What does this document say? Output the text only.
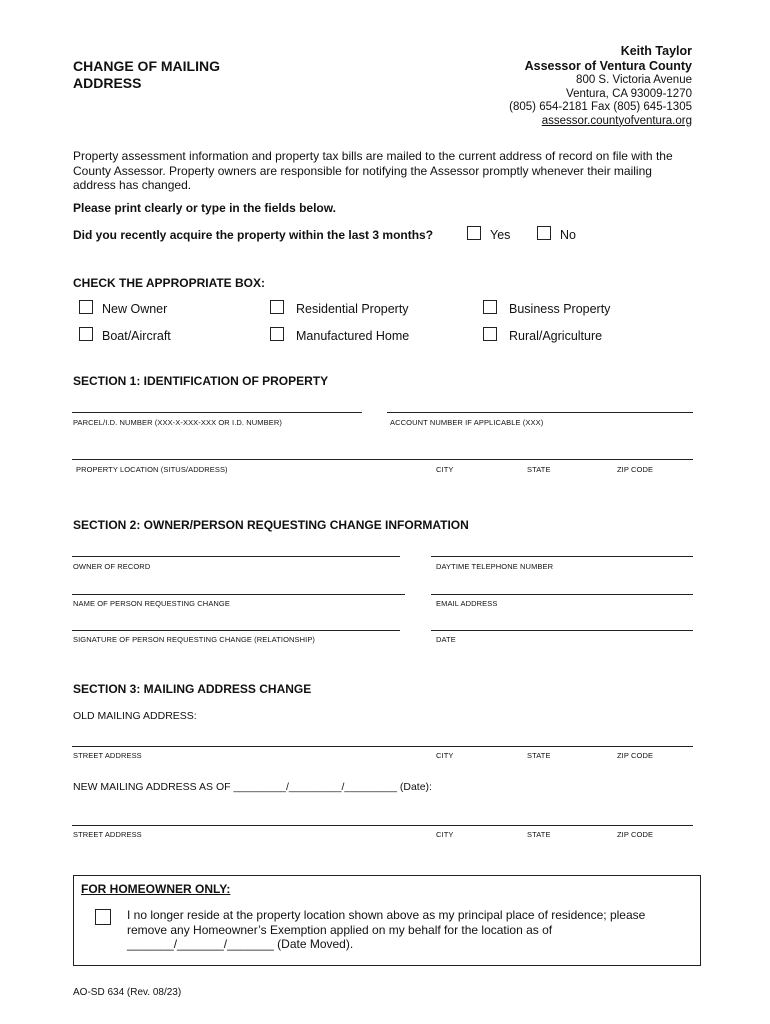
CHANGE OF MAILING ADDRESS
Keith Taylor
Assessor of Ventura County
800 S. Victoria Avenue
Ventura, CA 93009-1270
(805) 654-2181 Fax (805) 645-1305
assessor.countyofventura.org
Property assessment information and property tax bills are mailed to the current address of record on file with the County Assessor. Property owners are responsible for notifying the Assessor promptly whenever their mailing address has changed.
Please print clearly or type in the fields below.
Did you recently acquire the property within the last 3 months?	Yes	No
CHECK THE APPROPRIATE BOX:
New Owner	Residential Property	Business Property
Boat/Aircraft	Manufactured Home	Rural/Agriculture
SECTION 1: IDENTIFICATION OF PROPERTY
PARCEL/I.D. NUMBER (XXX-X-XXX-XXX OR I.D. NUMBER)	ACCOUNT NUMBER IF APPLICABLE (XXX)
PROPERTY LOCATION (SITUS/ADDRESS)	CITY	STATE	ZIP CODE
SECTION 2: OWNER/PERSON REQUESTING CHANGE INFORMATION
OWNER OF RECORD	DAYTIME TELEPHONE NUMBER
NAME OF PERSON REQUESTING CHANGE	EMAIL ADDRESS
SIGNATURE OF PERSON REQUESTING CHANGE (RELATIONSHIP)	DATE
SECTION 3: MAILING ADDRESS CHANGE
OLD MAILING ADDRESS:
STREET ADDRESS	CITY	STATE	ZIP CODE
NEW MAILING ADDRESS AS OF _________/_________/_________ (Date):
STREET ADDRESS	CITY	STATE	ZIP CODE
FOR HOMEOWNER ONLY:
I no longer reside at the property location shown above as my principal place of residence; please remove any Homeowner’s Exemption applied on my behalf for the location as of _______/_______/_______ (Date Moved).
AO-SD 634 (Rev. 08/23)
